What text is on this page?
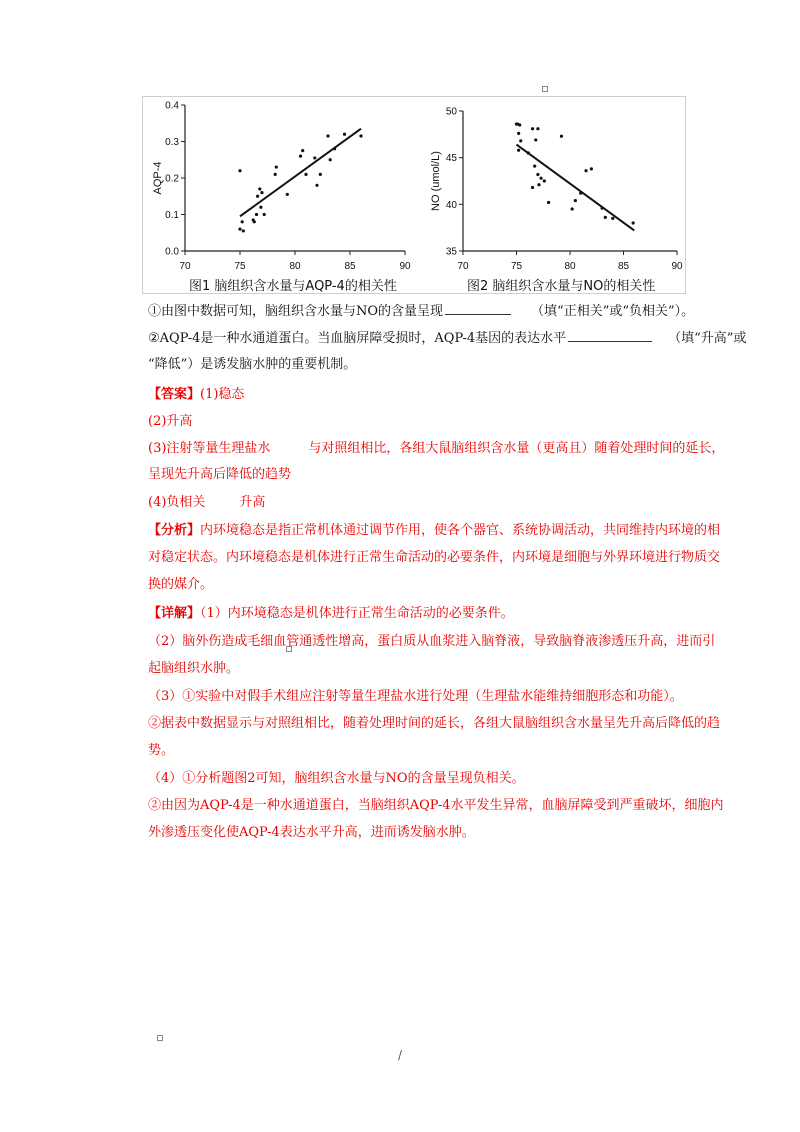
70	75	80	85	90
0.0
0.1
0.2
0.3
0.4
AQP-4
70	75	80	85	90
35
40
45
50
NO (umol/L)
图1 脑组织含水量与AQP-4的相关性	图2 脑组织含水量与NO的相关性
①由图中数据可知，脑组织含水量与NO的含量呈现	（填“正相关”或“负相关”）。
②AQP-4是一种水通道蛋白。当血脑屏障受损时，AQP-4基因的表达水平	（填“升高”或
“降低”）是诱发脑水肿的重要机制。
【答案】(1)稳态
(2)升高
(3)注射等量生理盐水	与对照组相比，各组大鼠脑组织含水量（更高且）随着处理时间的延长，
呈现先升高后降低的趋势
(4)负相关	升高
【分析】内环境稳态是指正常机体通过调节作用，使各个器官、系统协调活动，共同维持内环境的相
对稳定状态。内环境稳态是机体进行正常生命活动的必要条件，内环境是细胞与外界环境进行物质交
换的媒介。
【详解】（1）内环境稳态是机体进行正常生命活动的必要条件。
（2）脑外伤造成毛细血管通透性增高，蛋白质从血浆进入脑脊液，导致脑脊液渗透压升高，进而引
起脑组织水肿。
（3）①实验中对假手术组应注射等量生理盐水进行处理（生理盐水能维持细胞形态和功能）。
②据表中数据显示与对照组相比，随着处理时间的延长，各组大鼠脑组织含水量呈先升高后降低的趋
势。
（4）①分析题图2可知，脑组织含水量与NO的含量呈现负相关。
②由因为AQP-4是一种水通道蛋白，当脑组织AQP-4水平发生异常，血脑屏障受到严重破坏，细胞内
外渗透压变化使AQP-4表达水平升高，进而诱发脑水肿。
/
